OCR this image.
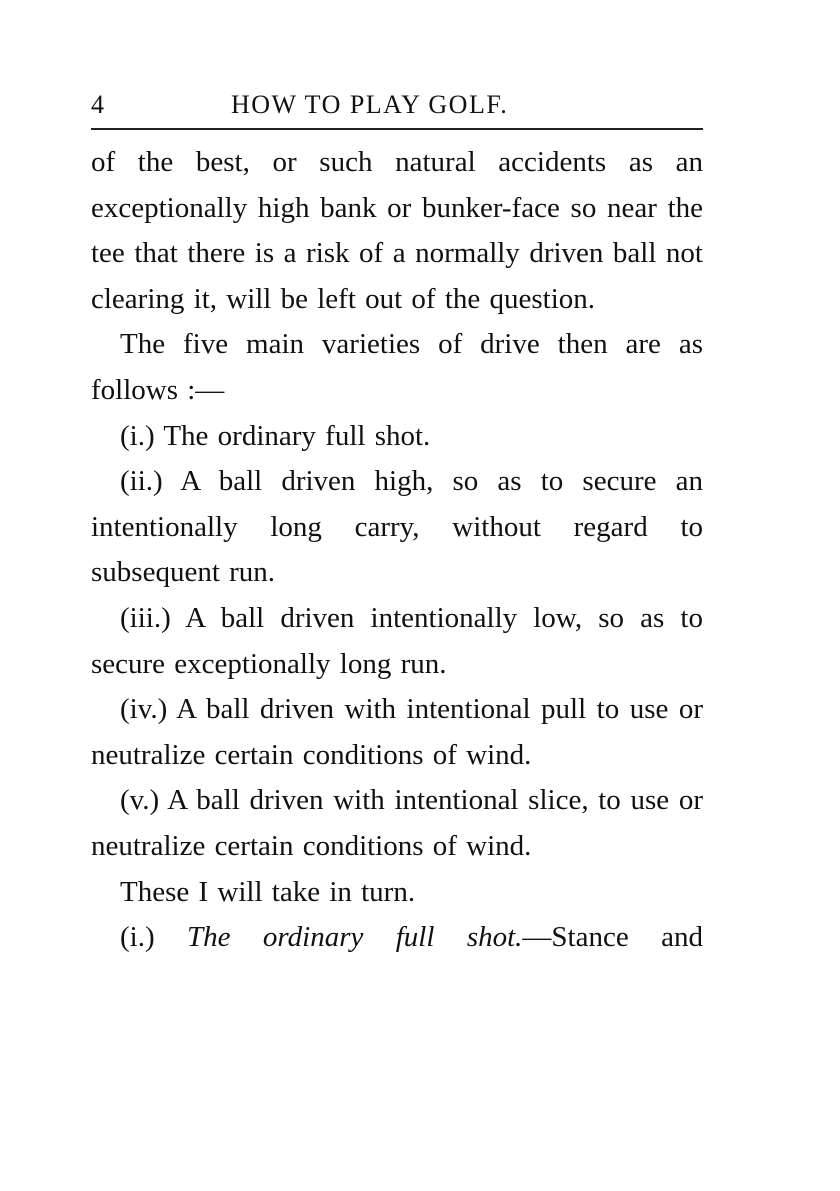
4	HOW TO PLAY GOLF.

of the best, or such natural accidents as an exceptionally high bank or bunker-face so near the tee that there is a risk of a normally driven ball not clearing it, will be left out of the question.

The five main varieties of drive then are as follows :—

(i.) The ordinary full shot.

(ii.) A ball driven high, so as to secure an intentionally long carry, without regard to subsequent run.

(iii.) A ball driven intentionally low, so as to secure exceptionally long run.

(iv.) A ball driven with intentional pull to use or neutralize certain conditions of wind.

(v.) A ball driven with intentional slice, to use or neutralize certain conditions of wind.

These I will take in turn.

(i.) The ordinary full shot.—Stance and
